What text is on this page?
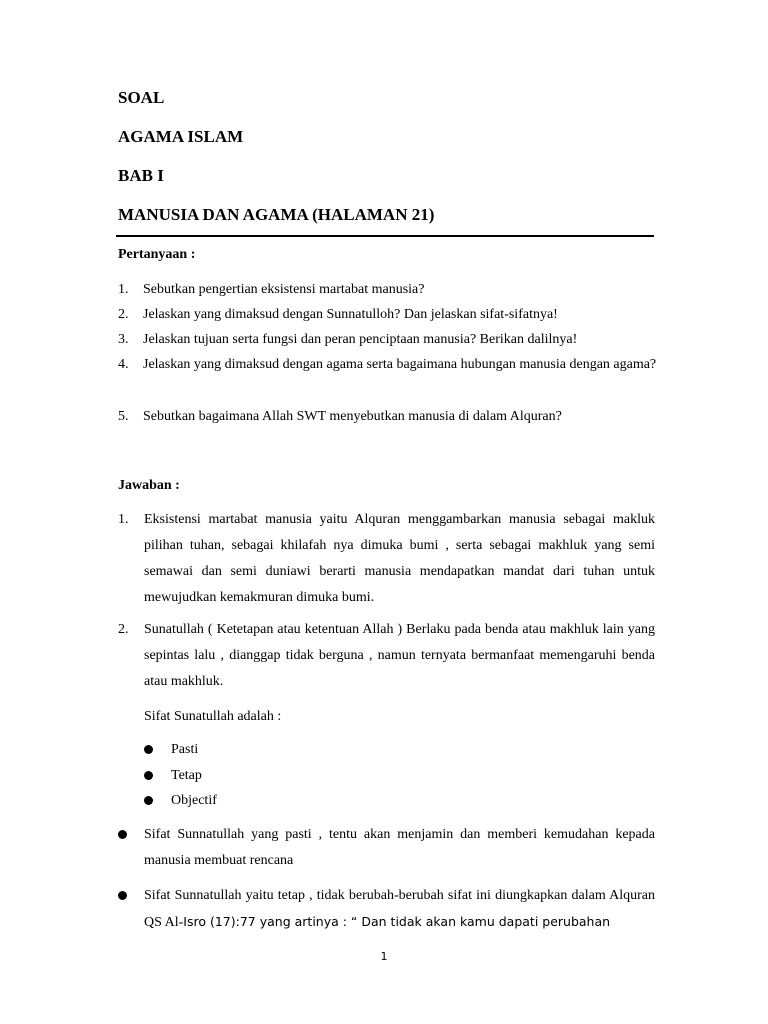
SOAL
AGAMA ISLAM
BAB I
MANUSIA DAN AGAMA (HALAMAN 21)
Pertanyaan :
1.	Sebutkan pengertian eksistensi martabat manusia?
2.	Jelaskan yang dimaksud dengan Sunnatulloh? Dan jelaskan sifat-sifatnya!
3.	Jelaskan tujuan serta fungsi dan peran penciptaan manusia? Berikan dalilnya!
4.	Jelaskan yang dimaksud dengan agama serta bagaimana hubungan manusia dengan agama?
5.	Sebutkan bagaimana Allah SWT menyebutkan manusia di dalam Alquran?
Jawaban :
1.	Eksistensi martabat manusia yaitu Alquran menggambarkan manusia sebagai makluk pilihan tuhan, sebagai khilafah nya dimuka bumi , serta sebagai makhluk yang semi semawai dan semi duniawi berarti manusia mendapatkan mandat dari tuhan untuk mewujudkan kemakmuran dimuka bumi.
2.	Sunatullah ( Ketetapan atau ketentuan Allah ) Berlaku pada benda atau makhluk lain yang sepintas lalu , dianggap tidak berguna , namun ternyata bermanfaat memengaruhi benda atau makhluk.
Sifat Sunatullah adalah :
Pasti
Tetap
Objectif
Sifat Sunnatullah yang pasti , tentu akan menjamin dan memberi kemudahan kepada manusia membuat rencana
Sifat Sunnatullah yaitu tetap , tidak berubah-berubah sifat ini diungkapkan dalam Alquran QS Al-Isro (17):77 yang artinya : “ Dan tidak akan kamu dapati perubahan
1
